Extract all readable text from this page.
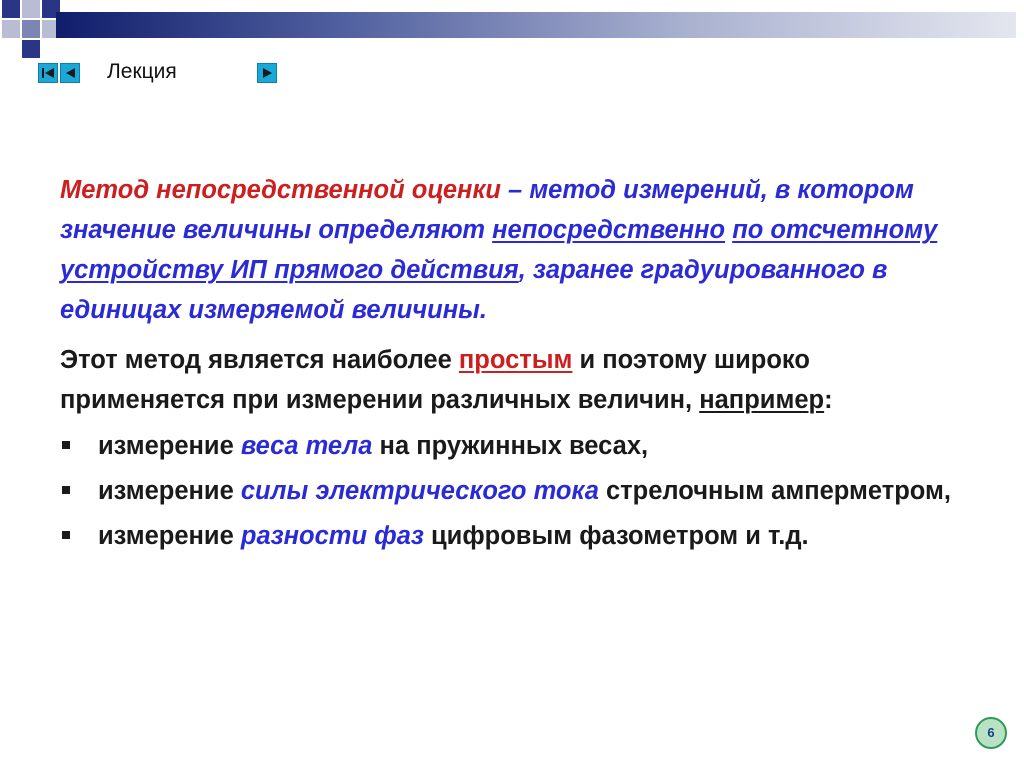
Лекция

Метод непосредственной оценки – метод измерений, в котором значение величины определяют непосредственно по отсчетному устройству ИП прямого действия, заранее градуированного в единицах измеряемой величины.

Этот метод является наиболее простым и поэтому широко применяется при измерении различных величин, например:

измерение веса тела на пружинных весах,
измерение силы электрического тока стрелочным амперметром,
измерение разности фаз цифровым фазометром и т.д.
6
